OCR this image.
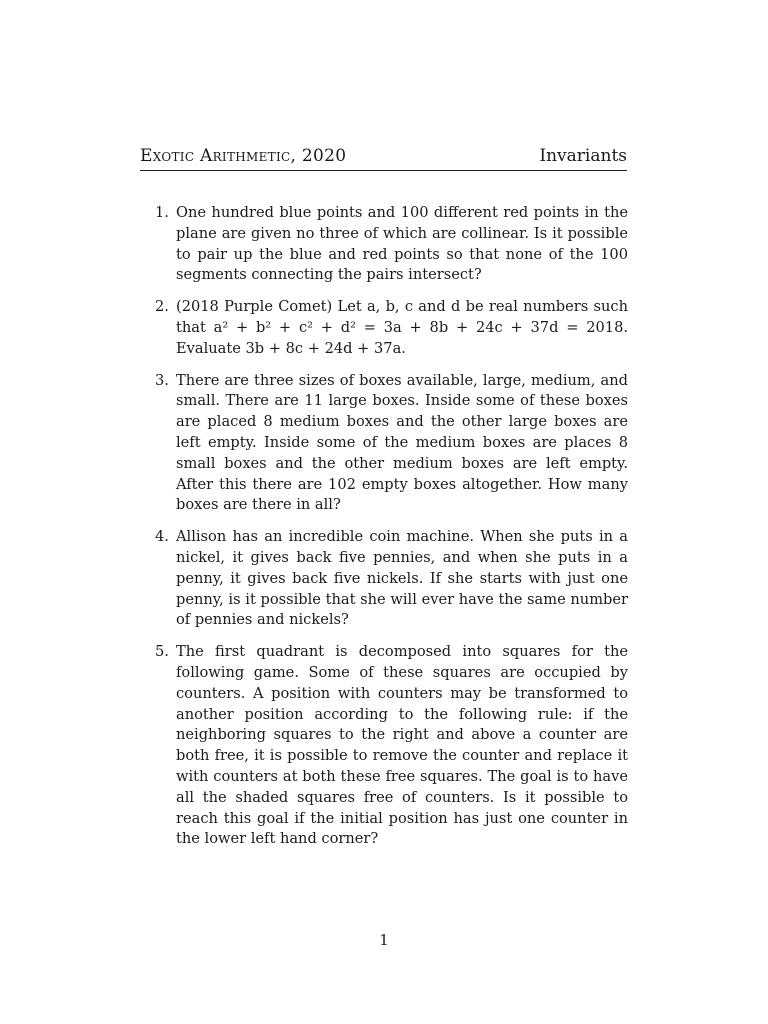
Exotic Arithmetic, 2020	Invariants
1. One hundred blue points and 100 different red points in the plane are given no three of which are collinear. Is it possible to pair up the blue and red points so that none of the 100 segments connecting the pairs intersect?
2. (2018 Purple Comet) Let a, b, c and d be real numbers such that a² + b² + c² + d² = 3a + 8b + 24c + 37d = 2018. Evaluate 3b + 8c + 24d + 37a.
3. There are three sizes of boxes available, large, medium, and small. There are 11 large boxes. Inside some of these boxes are placed 8 medium boxes and the other large boxes are left empty. Inside some of the medium boxes are places 8 small boxes and the other medium boxes are left empty. After this there are 102 empty boxes altogether. How many boxes are there in all?
4. Allison has an incredible coin machine. When she puts in a nickel, it gives back five pennies, and when she puts in a penny, it gives back five nickels. If she starts with just one penny, is it possible that she will ever have the same number of pennies and nickels?
5. The first quadrant is decomposed into squares for the following game. Some of these squares are occupied by counters. A position with counters may be transformed to another position according to the following rule: if the neighboring squares to the right and above a counter are both free, it is possible to remove the counter and replace it with counters at both these free squares. The goal is to have all the shaded squares free of counters. Is it possible to reach this goal if the initial position has just one counter in the lower left hand corner?
1
